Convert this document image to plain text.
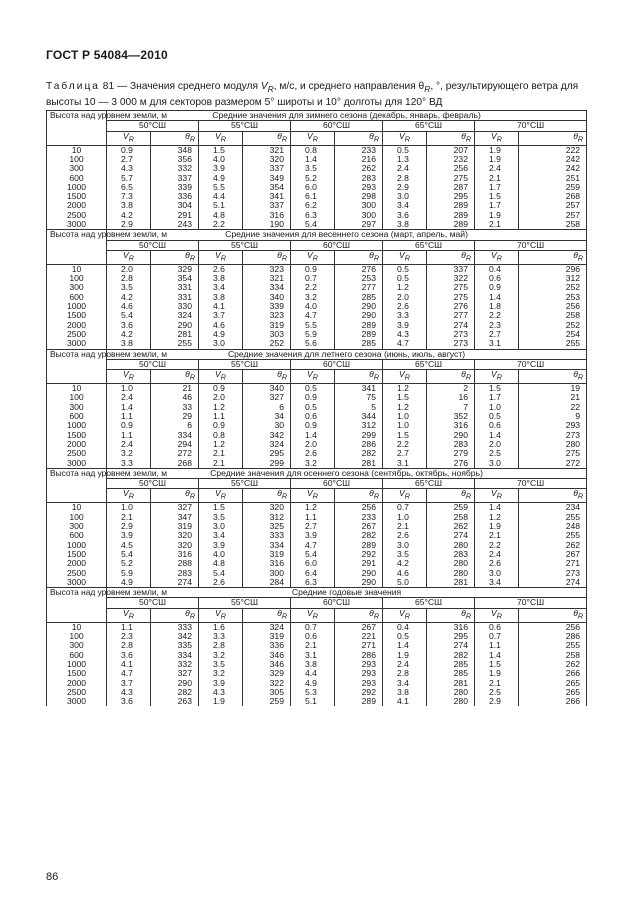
ГОСТ Р 54084—2010
Таблица 81 — Значения среднего модуля $V_R$, м/с, и среднего направления $\theta_R$, °, результирующего ветра для
высоты 10 — 3 000 м для секторов размером 5° широты и 10° долготы для 120° ВД
Высота над уровнем земли, м	Средние значения для зимнего сезона (декабрь, январь, февраль)									
	50°СШ		55°СШ		60°СШ		65°СШ		70°СШ	
	$V_R$	$\theta_R$	$V_R$	$\theta_R$	$V_R$	$\theta_R$	$V_R$	$\theta_R$	$V_R$	$\theta_R$
10	0.9	348	1.5	321	0.8	233	0.5	207	1.9	222
100	2.7	356	4.0	320	1.4	216	1.3	232	1.9	242
300	4.3	332	3.9	337	3.5	262	2.4	256	2.4	242
600	5.7	337	4.9	349	5.2	283	2.8	275	2.1	251
1000	6.5	339	5.5	354	6.0	293	2.9	287	1.7	259
1500	7.3	336	4.4	341	6.1	298	3.0	295	1.5	268
2000	3.8	304	5.1	337	6.2	300	3.4	289	1.7	257
2500	4.2	291	4.8	316	6.3	300	3.6	289	1.9	257
3000	2.9	243	2.2	190	5.4	297	3.8	289	2.1	258
Высота над уровнем земли, м	Средние значения для весеннего сезона (март, апрель, май)									
	50°СШ		55°СШ		60°СШ		65°СШ		70°СШ	
	$V_R$	$\theta_R$	$V_R$	$\theta_R$	$V_R$	$\theta_R$	$V_R$	$\theta_R$	$V_R$	$\theta_R$
10	2.0	329	2.6	323	0.9	276	0.5	337	0.4	296
100	2.8	354	3.8	321	0.7	253	0.5	322	0.6	312
300	3.5	331	3.4	334	2.2	277	1.2	275	0.9	252
600	4.2	331	3.8	340	3.2	285	2.0	275	1.4	253
1000	4.6	330	4.1	339	4.0	290	2.6	276	1.8	256
1500	5.4	324	3.7	323	4.7	290	3.3	277	2.2	258
2000	3.6	290	4.6	319	5.5	289	3.9	274	2.3	252
2500	4.2	281	4.9	303	5.9	289	4.3	273	2.7	254
3000	3.8	255	3.0	252	5.6	285	4.7	273	3.1	255
Высота над уровнем земли, м	Средние значения для летнего сезона (июнь, июль, август)									
	50°СШ		55°СШ		60°СШ		65°СШ		70°СШ	
	$V_R$	$\theta_R$	$V_R$	$\theta_R$	$V_R$	$\theta_R$	$V_R$	$\theta_R$	$V_R$	$\theta_R$
10	1.0	21	0.9	340	0.5	341	1.2	2	1.5	19
100	2.4	46	2.0	327	0.9	75	1.5	16	1.7	21
300	1.4	33	1.2	6	0.5	5	1.2	7	1.0	22
600	1.1	29	1.1	34	0.6	344	1.0	352	0.5	9
1000	0.9	6	0.9	30	0.9	312	1.0	316	0.6	293
1500	1.1	334	0.8	342	1.4	299	1.5	290	1.4	273
2000	2.4	294	1.2	324	2.0	286	2.2	283	2.0	280
2500	3.2	272	2.1	295	2.6	282	2.7	279	2.5	275
3000	3.3	268	2.1	299	3.2	281	3.1	276	3.0	272
Высота над уровнем земли, м	Средние значения для осеннего сезона (сентябрь, октябрь, ноябрь)									
	50°СШ		55°СШ		60°СШ		65°СШ		70°СШ	
	$V_R$	$\theta_R$	$V_R$	$\theta_R$	$V_R$	$\theta_R$	$V_R$	$\theta_R$	$V_R$	$\theta_R$
10	1.0	327	1.5	320	1.2	256	0.7	259	1.4	234
100	2.1	347	3.5	312	1.1	233	1.0	258	1.2	255
300	2.9	319	3.0	325	2.7	267	2.1	262	1.9	248
600	3.9	320	3.4	333	3.9	282	2.6	274	2.1	255
1000	4.5	320	3.9	334	4.7	289	3.0	280	2.2	262
1500	5.4	316	4.0	319	5.4	292	3.5	283	2.4	267
2000	5.2	288	4.8	316	6.0	291	4.2	280	2.6	271
2500	5.9	283	5.4	300	6.4	290	4.6	280	3.0	273
3000	4.9	274	2.6	284	6.3	290	5.0	281	3.4	274
Высота над уровнем земли, м	Средние годовые значения									
	50°СШ		55°СШ		60°СШ		65°СШ		70°СШ	
	$V_R$	$\theta_R$	$V_R$	$\theta_R$	$V_R$	$\theta_R$	$V_R$	$\theta_R$	$V_R$	$\theta_R$
10	1.1	333	1.6	324	0.7	267	0.4	316	0.6	256
100	2.3	342	3.3	319	0.6	221	0.5	295	0.7	286
300	2.8	335	2.8	336	2.1	271	1.4	274	1.1	255
600	3.6	334	3.2	346	3.1	286	1.9	282	1.4	258
1000	4.1	332	3.5	346	3.8	293	2.4	285	1.5	262
1500	4.7	327	3.2	329	4.4	293	2.8	285	1.9	266
2000	3.7	290	3.9	322	4.9	293	3.4	281	2.1	265
2500	4.3	282	4.3	305	5.3	292	3.8	280	2.5	265
3000	3.6	263	1.9	259	5.1	289	4.1	280	2.9	266
86
